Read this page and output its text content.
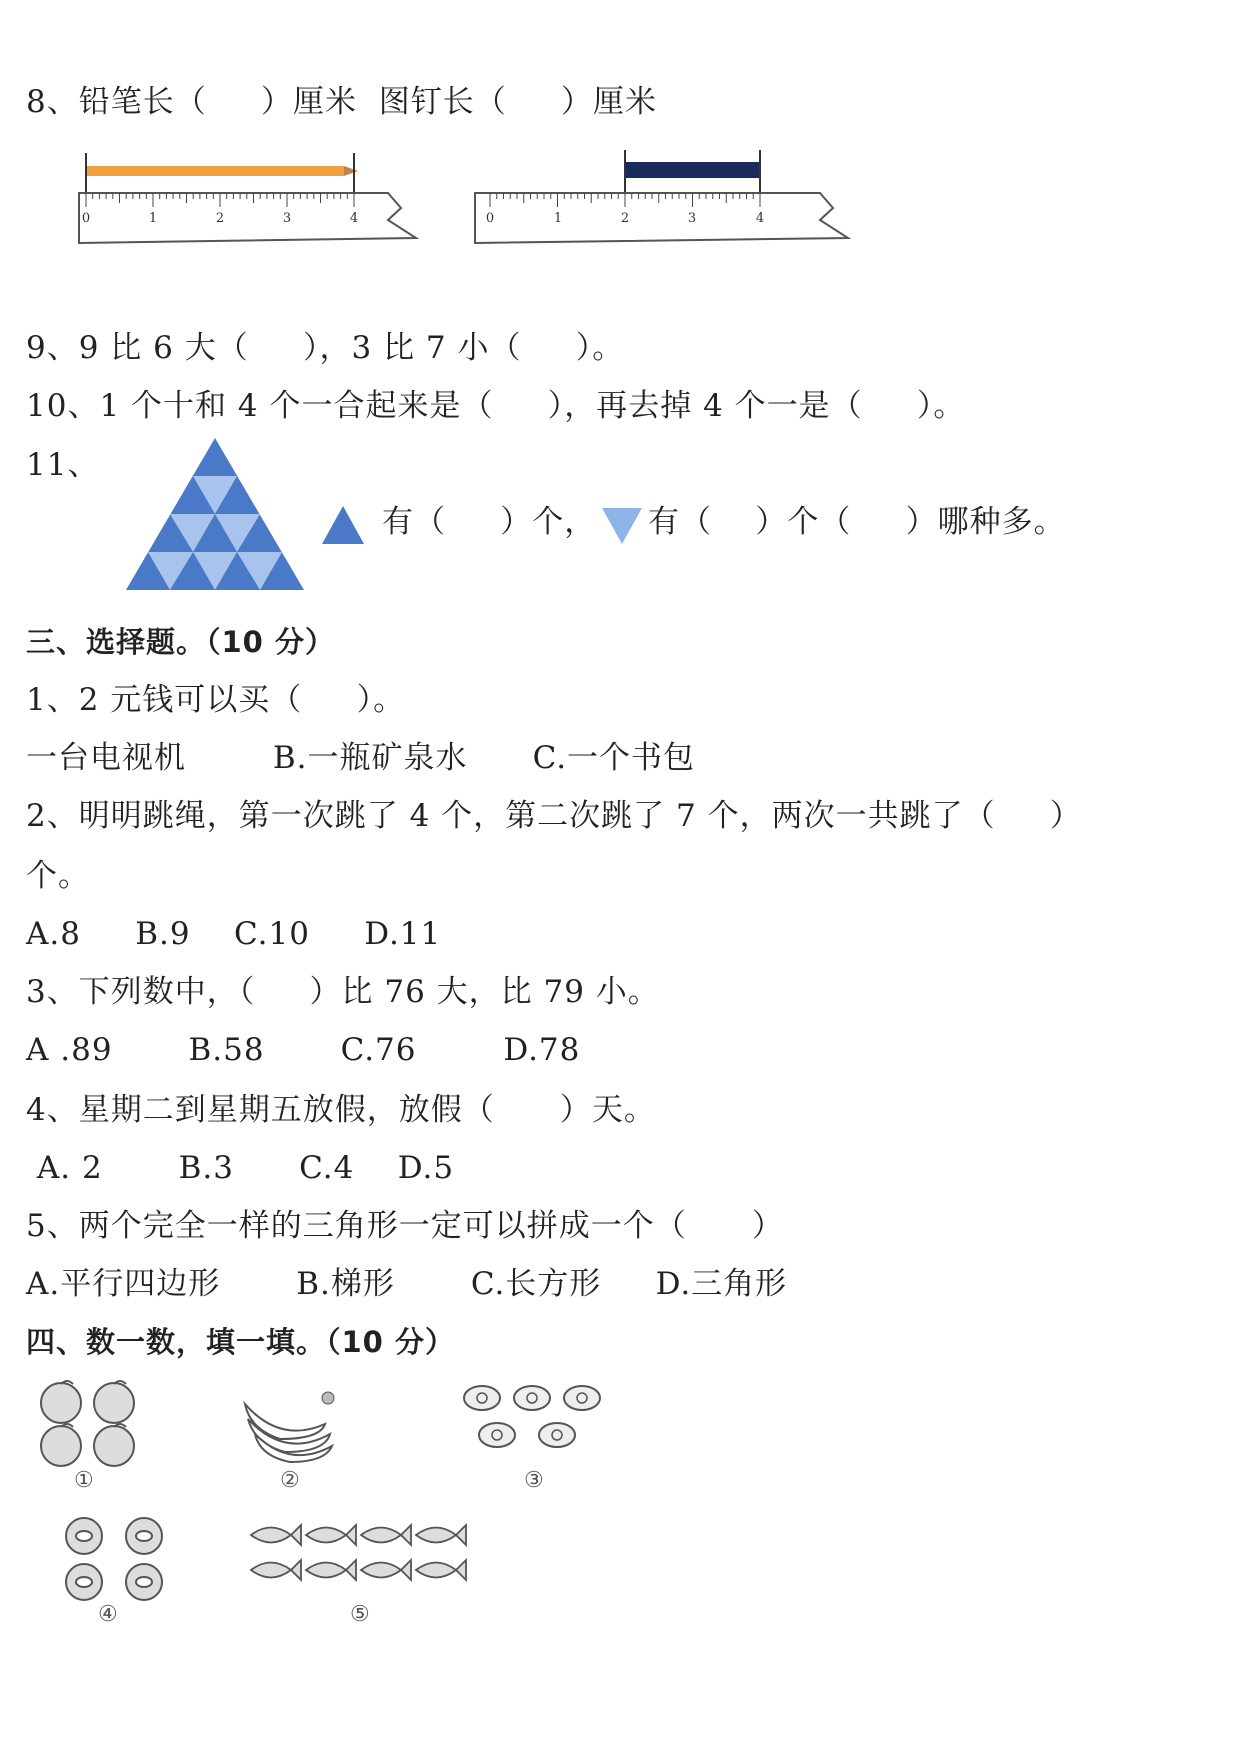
8、铅笔长（     ）厘米  图钉长（     ）厘米
0	1	2	3	4	0	1	2	3	4
9、9 比 6 大（     ），3 比 7 小（     ）。
10、1 个十和 4 个一合起来是（     ），再去掉 4 个一是（     ）。
11、
有（     ）个， 有（    ）个（     ）哪种多。
三、选择题。（10 分）
1、2 元钱可以买（     ）。
一台电视机        B.一瓶矿泉水      C.一个书包
2、明明跳绳，第一次跳了 4 个，第二次跳了 7 个，两次一共跳了（     ）
个。
A.8     B.9    C.10     D.11
3、下列数中，（     ）比 76 大，比 79 小。
A .89       B.58       C.76        D.78
4、星期二到星期五放假，放假（      ）天。
A. 2       B.3      C.4    D.5
5、两个完全一样的三角形一定可以拼成一个（      ）
A.平行四边形       B.梯形       C.长方形     D.三角形
四、数一数，填一填。（10 分）
①	②	③
④	⑤
